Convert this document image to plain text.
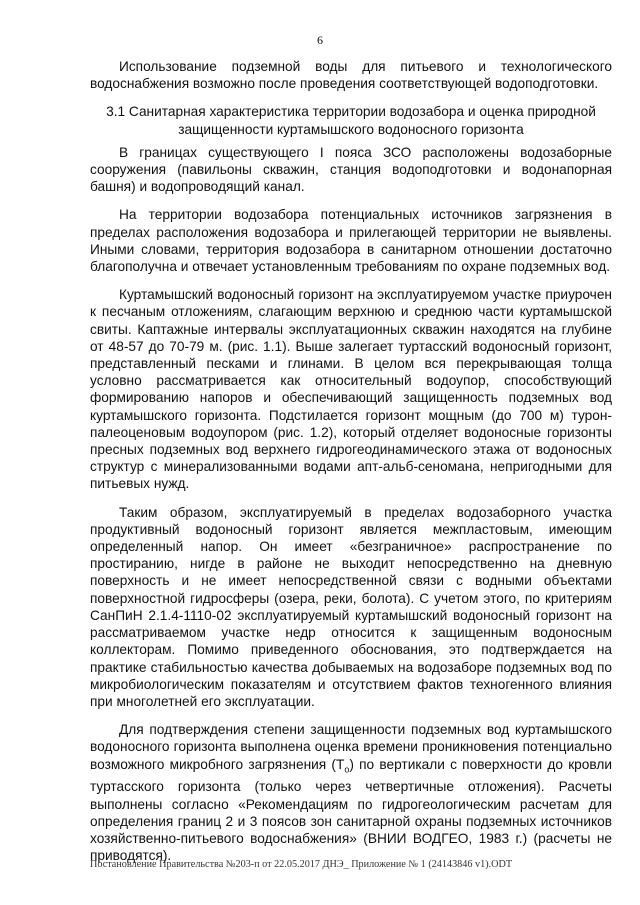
6

Использование подземной воды для питьевого и технологического водоснабжения возможно после проведения соответствующей водоподготовки.

3.1 Санитарная характеристика территории водозабора и оценка природной защищенности куртамышского водоносного горизонта

В границах существующего I пояса ЗСО расположены водозаборные сооружения (павильоны скважин, станция водоподготовки и водонапорная башня) и водопроводящий канал.

На территории водозабора потенциальных источников загрязнения в пределах расположения водозабора и прилегающей территории не выявлены. Иными словами, территория водозабора в санитарном отношении достаточно благополучна и отвечает установленным требованиям по охране подземных вод.

Куртамышский водоносный горизонт на эксплуатируемом участке приурочен к песчаным отложениям, слагающим верхнюю и среднюю части куртамышской свиты. Каптажные интервалы эксплуатационных скважин находятся на глубине от 48-57 до 70-79 м. (рис. 1.1). Выше залегает туртасский водоносный горизонт, представленный песками и глинами. В целом вся перекрывающая толща условно рассматривается как относительный водоупор, способствующий формированию напоров и обеспечивающий защищенность подземных вод куртамышского горизонта. Подстилается горизонт мощным (до 700 м) турон-палеоценовым водоупором (рис. 1.2), который отделяет водоносные горизонты пресных подземных вод верхнего гидрогеодинамического этажа от водоносных структур с минерализованными водами апт-альб-сеноманa, непригодными для питьевых нужд.

Таким образом, эксплуатируемый в пределах водозаборного участка продуктивный водоносный горизонт является межпластовым, имеющим определенный напор. Он имеет «безграничное» распространение по простиранию, нигде в районе не выходит непосредственно на дневную поверхность и не имеет непосредственной связи с водными объектами поверхностной гидросферы (озера, реки, болота). С учетом этого, по критериям СанПиН 2.1.4-1110-02 эксплуатируемый куртамышский водоносный горизонт на рассматриваемом участке недр относится к защищенным водоносным коллекторам. Помимо приведенного обоснования, это подтверждается на практике стабильностью качества добываемых на водозаборе подземных вод по микробиологическим показателям и отсутствием фактов техногенного влияния при многолетней его эксплуатации.

Для подтверждения степени защищенности подземных вод куртамышского водоносного горизонта выполнена оценка времени проникновения потенциально возможного микробного загрязнения $(Т_о)$ по вертикали с поверхности до кровли туртасского горизонта (только через четвертичные отложения). Расчеты выполнены согласно «Рекомендациям по гидрогеологическим расчетам для определения границ 2 и 3 поясов зон санитарной охраны подземных источников хозяйственно-питьевого водоснабжения» (ВНИИ ВОДГЕО, 1983 г.) (расчеты не приводятся).

Постановление Правительства №203-п от 22.05.2017 ДНЭ_ Приложение № 1 (24143846 v1).ODT
